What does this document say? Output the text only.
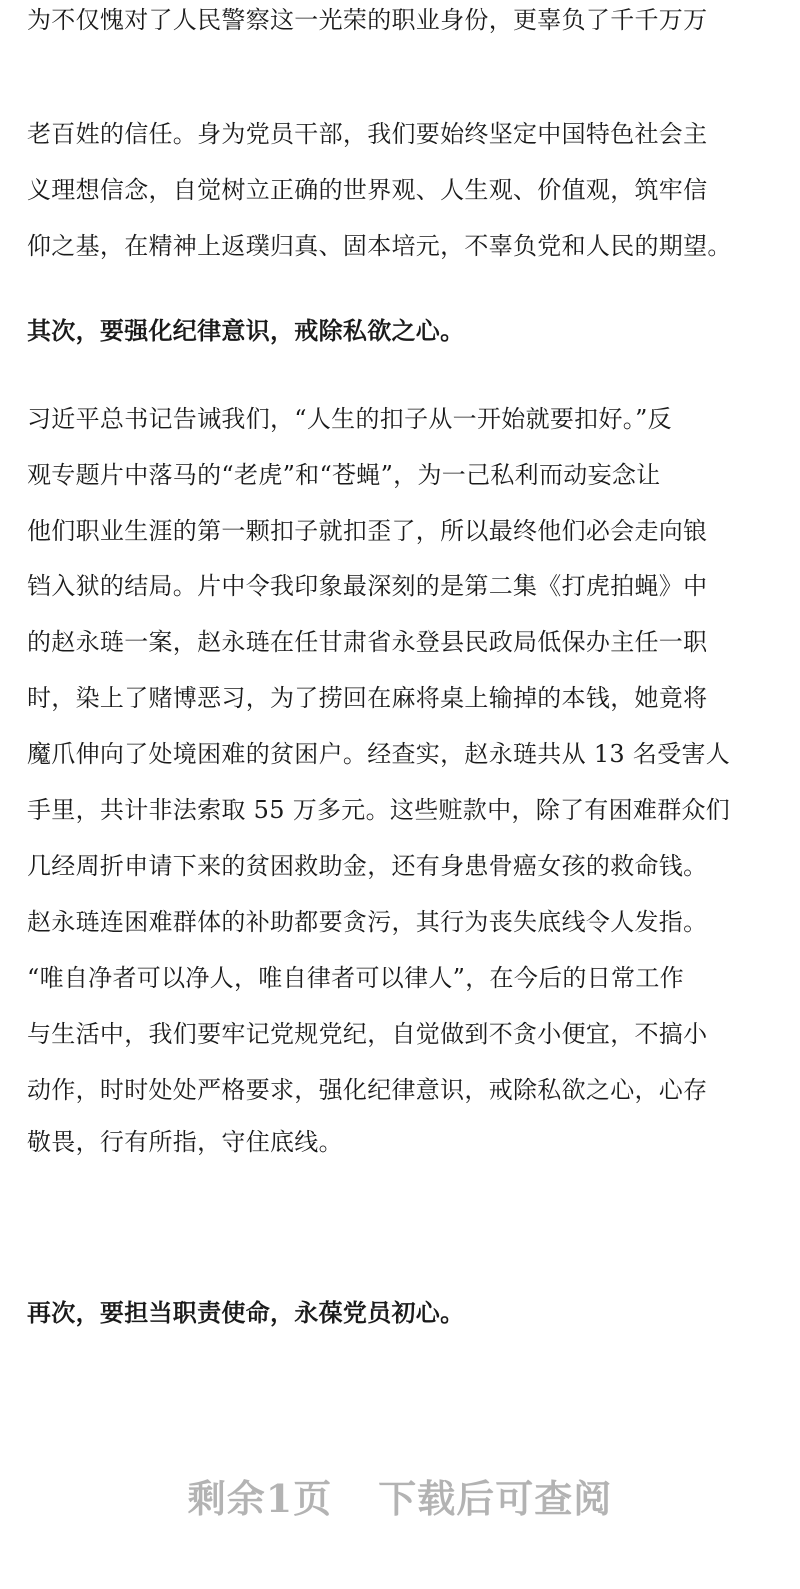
为不仅愧对了人民警察这一光荣的职业身份，更辜负了千千万万
老百姓的信任。身为党员干部，我们要始终坚定中国特色社会主
义理想信念，自觉树立正确的世界观、人生观、价值观，筑牢信
仰之基，在精神上返璞归真、固本培元，不辜负党和人民的期望。
其次，要强化纪律意识，戒除私欲之心。
习近平总书记告诫我们，“人生的扣子从一开始就要扣好。”反
观专题片中落马的“老虎”和“苍蝇”，为一己私利而动妄念让
他们职业生涯的第一颗扣子就扣歪了，所以最终他们必会走向锒
铛入狱的结局。片中令我印象最深刻的是第二集《打虎拍蝇》中
的赵永琏一案，赵永琏在任甘肃省永登县民政局低保办主任一职
时，染上了赌博恶习，为了捞回在麻将桌上输掉的本钱，她竟将
魔爪伸向了处境困难的贫困户。经查实，赵永琏共从 13 名受害人
手里，共计非法索取 55 万多元。这些赃款中，除了有困难群众们
几经周折申请下来的贫困救助金，还有身患骨癌女孩的救命钱。
赵永琏连困难群体的补助都要贪污，其行为丧失底线令人发指。
“唯自净者可以净人，唯自律者可以律人”，在今后的日常工作
与生活中，我们要牢记党规党纪，自觉做到不贪小便宜，不搞小
动作，时时处处严格要求，强化纪律意识，戒除私欲之心，心存
敬畏，行有所指，守住底线。
再次，要担当职责使命，永葆党员初心。
剩余1页 下载后可查阅
